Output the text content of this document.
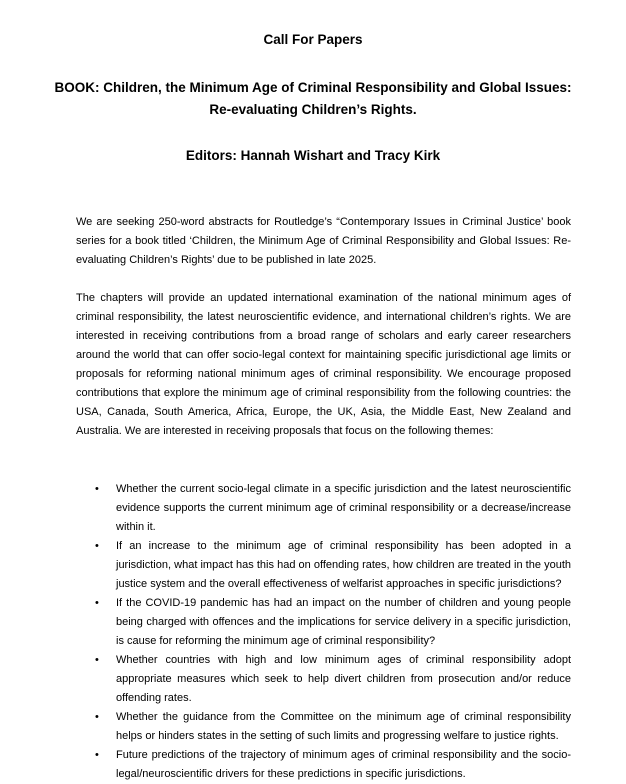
Call For Papers
BOOK: Children, the Minimum Age of Criminal Responsibility and Global Issues:
Re-evaluating Children’s Rights.
Editors: Hannah Wishart and Tracy Kirk

We are seeking 250-word abstracts for Routledge’s “Contemporary Issues in Criminal Justice’ book series for a book titled ‘Children, the Minimum Age of Criminal Responsibility and Global Issues: Re-evaluating Children’s Rights’ due to be published in late 2025.

The chapters will provide an updated international examination of the national minimum ages of criminal responsibility, the latest neuroscientific evidence, and international children’s rights. We are interested in receiving contributions from a broad range of scholars and early career researchers around the world that can offer socio-legal context for maintaining specific jurisdictional age limits or proposals for reforming national minimum ages of criminal responsibility. We encourage proposed contributions that explore the minimum age of criminal responsibility from the following countries: the USA, Canada, South America, Africa, Europe, the UK, Asia, the Middle East, New Zealand and Australia. We are interested in receiving proposals that focus on the following themes:

• Whether the current socio-legal climate in a specific jurisdiction and the latest neuroscientific evidence supports the current minimum age of criminal responsibility or a decrease/increase within it.
• If an increase to the minimum age of criminal responsibility has been adopted in a jurisdiction, what impact has this had on offending rates, how children are treated in the youth justice system and the overall effectiveness of welfarist approaches in specific jurisdictions?
• If the COVID-19 pandemic has had an impact on the number of children and young people being charged with offences and the implications for service delivery in a specific jurisdiction, is cause for reforming the minimum age of criminal responsibility?
• Whether countries with high and low minimum ages of criminal responsibility adopt appropriate measures which seek to help divert children from prosecution and/or reduce offending rates.
• Whether the guidance from the Committee on the minimum age of criminal responsibility helps or hinders states in the setting of such limits and progressing welfare to justice rights.
• Future predictions of the trajectory of minimum ages of criminal responsibility and the socio-legal/neuroscientific drivers for these predictions in specific jurisdictions.
